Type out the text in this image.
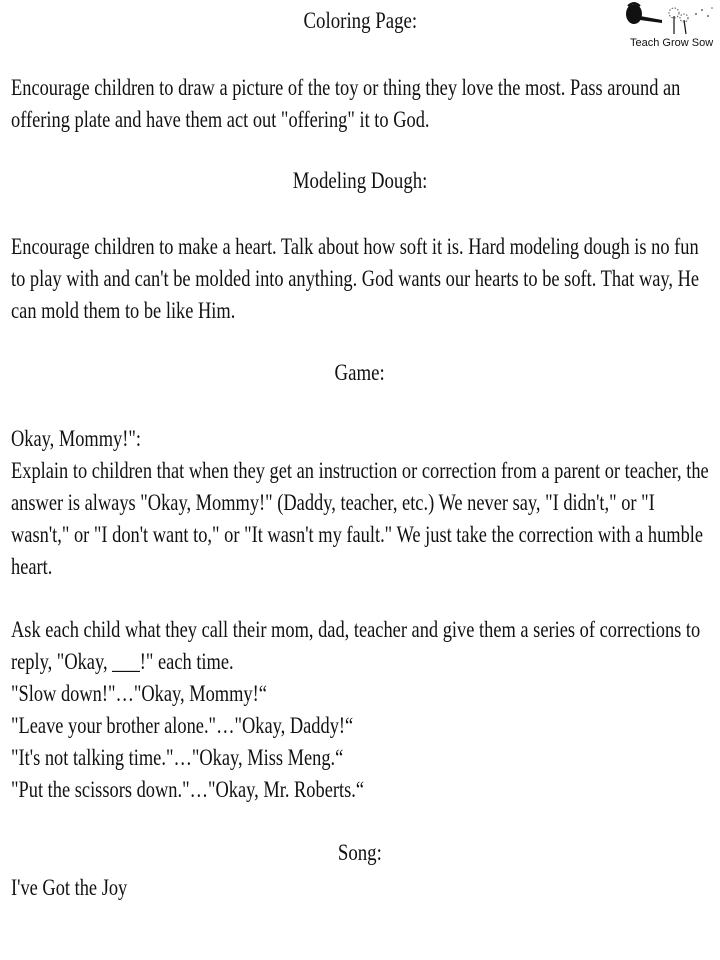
Teach Grow Sow
Coloring Page:
Encourage children to draw a picture of the toy or thing they love the most. Pass around an offering plate and have them act out "offering" it to God.
Modeling Dough:
Encourage children to make a heart. Talk about how soft it is. Hard modeling dough is no fun to play with and can't be molded into anything. God wants our hearts to be soft. That way, He can mold them to be like Him.
Game:
Okay, Mommy!":
Explain to children that when they get an instruction or correction from a parent or teacher, the answer is always "Okay, Mommy!" (Daddy, teacher, etc.) We never say, "I didn't," or "I wasn't," or "I don't want to," or "It wasn't my fault." We just take the correction with a humble heart.
Ask each child what they call their mom, dad, teacher and give them a series of corrections to reply, "Okay, ___!" each time.
"Slow down!"…"Okay, Mommy!“
"Leave your brother alone."…"Okay, Daddy!“
"It's not talking time."…"Okay, Miss Meng.“
"Put the scissors down."…"Okay, Mr. Roberts.“
Song:
I've Got the Joy
